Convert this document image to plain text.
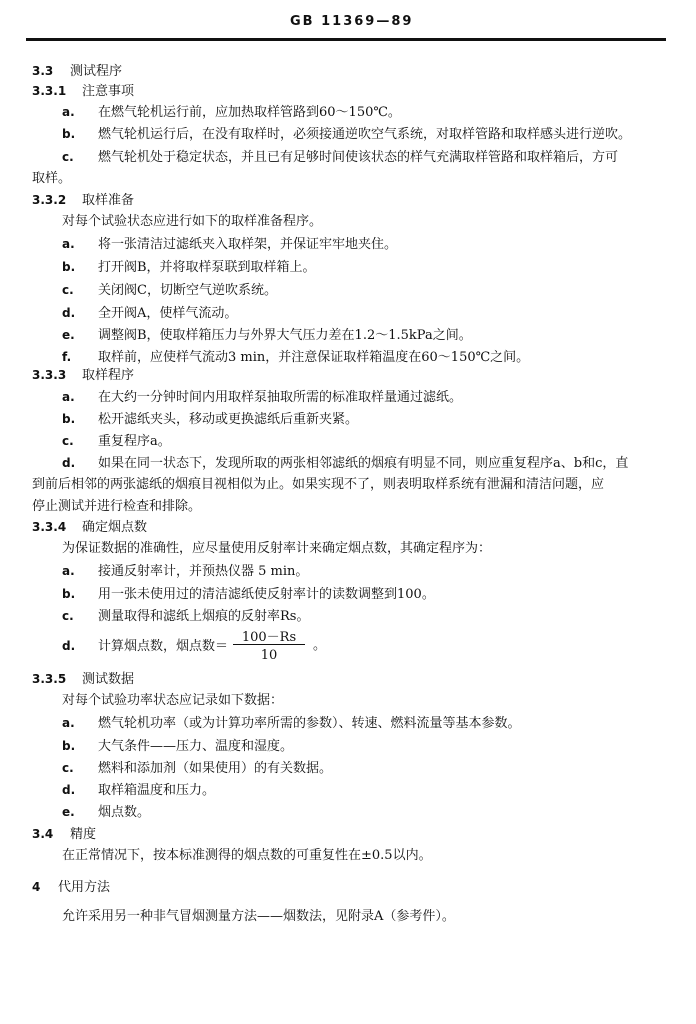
GB 11369—89
3.3 测试程序
3.3.1 注意事项
a. 在燃气轮机运行前，应加热取样管路到60～150℃。
b. 燃气轮机运行后，在没有取样时，必须接通逆吹空气系统，对取样管路和取样感头进行逆吹。
c. 燃气轮机处于稳定状态，并且已有足够时间使该状态的样气充满取样管路和取样箱后，方可
取样。
3.3.2 取样准备
对每个试验状态应进行如下的取样准备程序。
a. 将一张清洁过滤纸夹入取样架，并保证牢牢地夹住。
b. 打开阀B，并将取样泵联到取样箱上。
c. 关闭阀C，切断空气逆吹系统。
d. 全开阀A，使样气流动。
e. 调整阀B，使取样箱压力与外界大气压力差在1.2～1.5kPa之间。
f. 取样前，应使样气流动3 min，并注意保证取样箱温度在60～150℃之间。
3.3.3 取样程序
a. 在大约一分钟时间内用取样泵抽取所需的标准取样量通过滤纸。
b. 松开滤纸夹头，移动或更换滤纸后重新夹紧。
c. 重复程序a。
d. 如果在同一状态下，发现所取的两张相邻滤纸的烟痕有明显不同，则应重复程序a、b和c，直
到前后相邻的两张滤纸的烟痕目视相似为止。如果实现不了，则表明取样系统有泄漏和清洁问题，应
停止测试并进行检查和排除。
3.3.4 确定烟点数
为保证数据的准确性，应尽量使用反射率计来确定烟点数，其确定程序为：
a. 接通反射率计，并预热仪器 5 min。
b. 用一张未使用过的清洁滤纸使反射率计的读数调整到100。
c. 测量取得和滤纸上烟痕的反射率Rs。
d. 计算烟点数，烟点数＝
100－Rs
10
。
3.3.5 测试数据
对每个试验功率状态应记录如下数据：
a. 燃气轮机功率（或为计算功率所需的参数）、转速、燃料流量等基本参数。
b. 大气条件——压力、温度和湿度。
c. 燃料和添加剂（如果使用）的有关数据。
d. 取样箱温度和压力。
e. 烟点数。
3.4 精度
在正常情况下，按本标准测得的烟点数的可重复性在±0.5以内。
4 代用方法
允许采用另一种非气冒烟测量方法——烟数法，见附录A（参考件）。
